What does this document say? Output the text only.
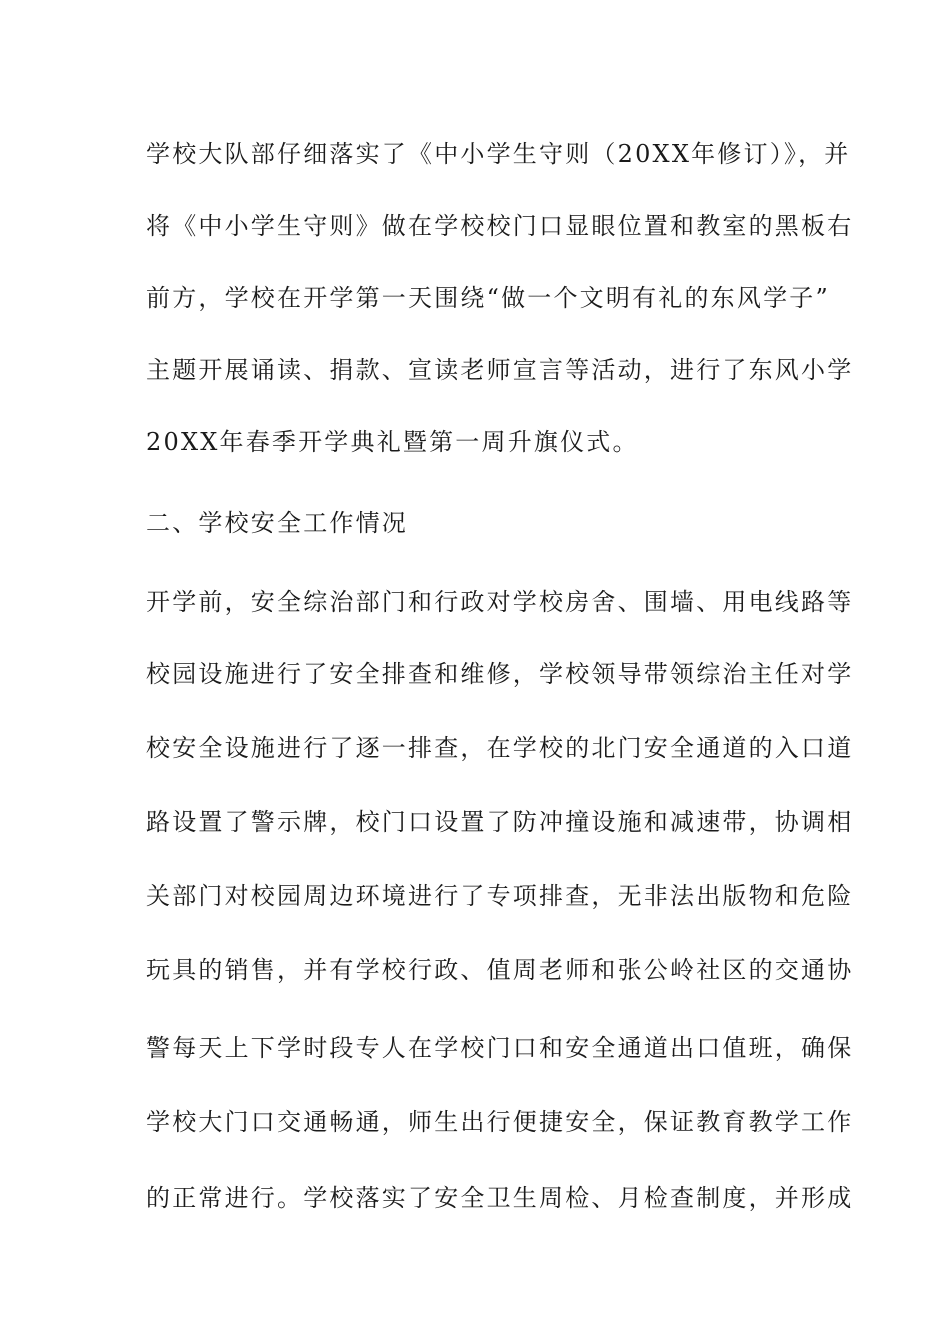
学校大队部仔细落实了《中小学生守则（20XX年修订）》，并
将《中小学生守则》做在学校校门口显眼位置和教室的黑板右
前方，学校在开学第一天围绕“做一个文明有礼的东风学子”
主题开展诵读、捐款、宣读老师宣言等活动，进行了东风小学
20XX年春季开学典礼暨第一周升旗仪式。
二、学校安全工作情况
开学前，安全综治部门和行政对学校房舍、围墙、用电线路等
校园设施进行了安全排查和维修，学校领导带领综治主任对学
校安全设施进行了逐一排查，在学校的北门安全通道的入口道
路设置了警示牌，校门口设置了防冲撞设施和减速带，协调相
关部门对校园周边环境进行了专项排查，无非法出版物和危险
玩具的销售，并有学校行政、值周老师和张公岭社区的交通协
警每天上下学时段专人在学校门口和安全通道出口值班，确保
学校大门口交通畅通，师生出行便捷安全，保证教育教学工作
的正常进行。学校落实了安全卫生周检、月检查制度，并形成
